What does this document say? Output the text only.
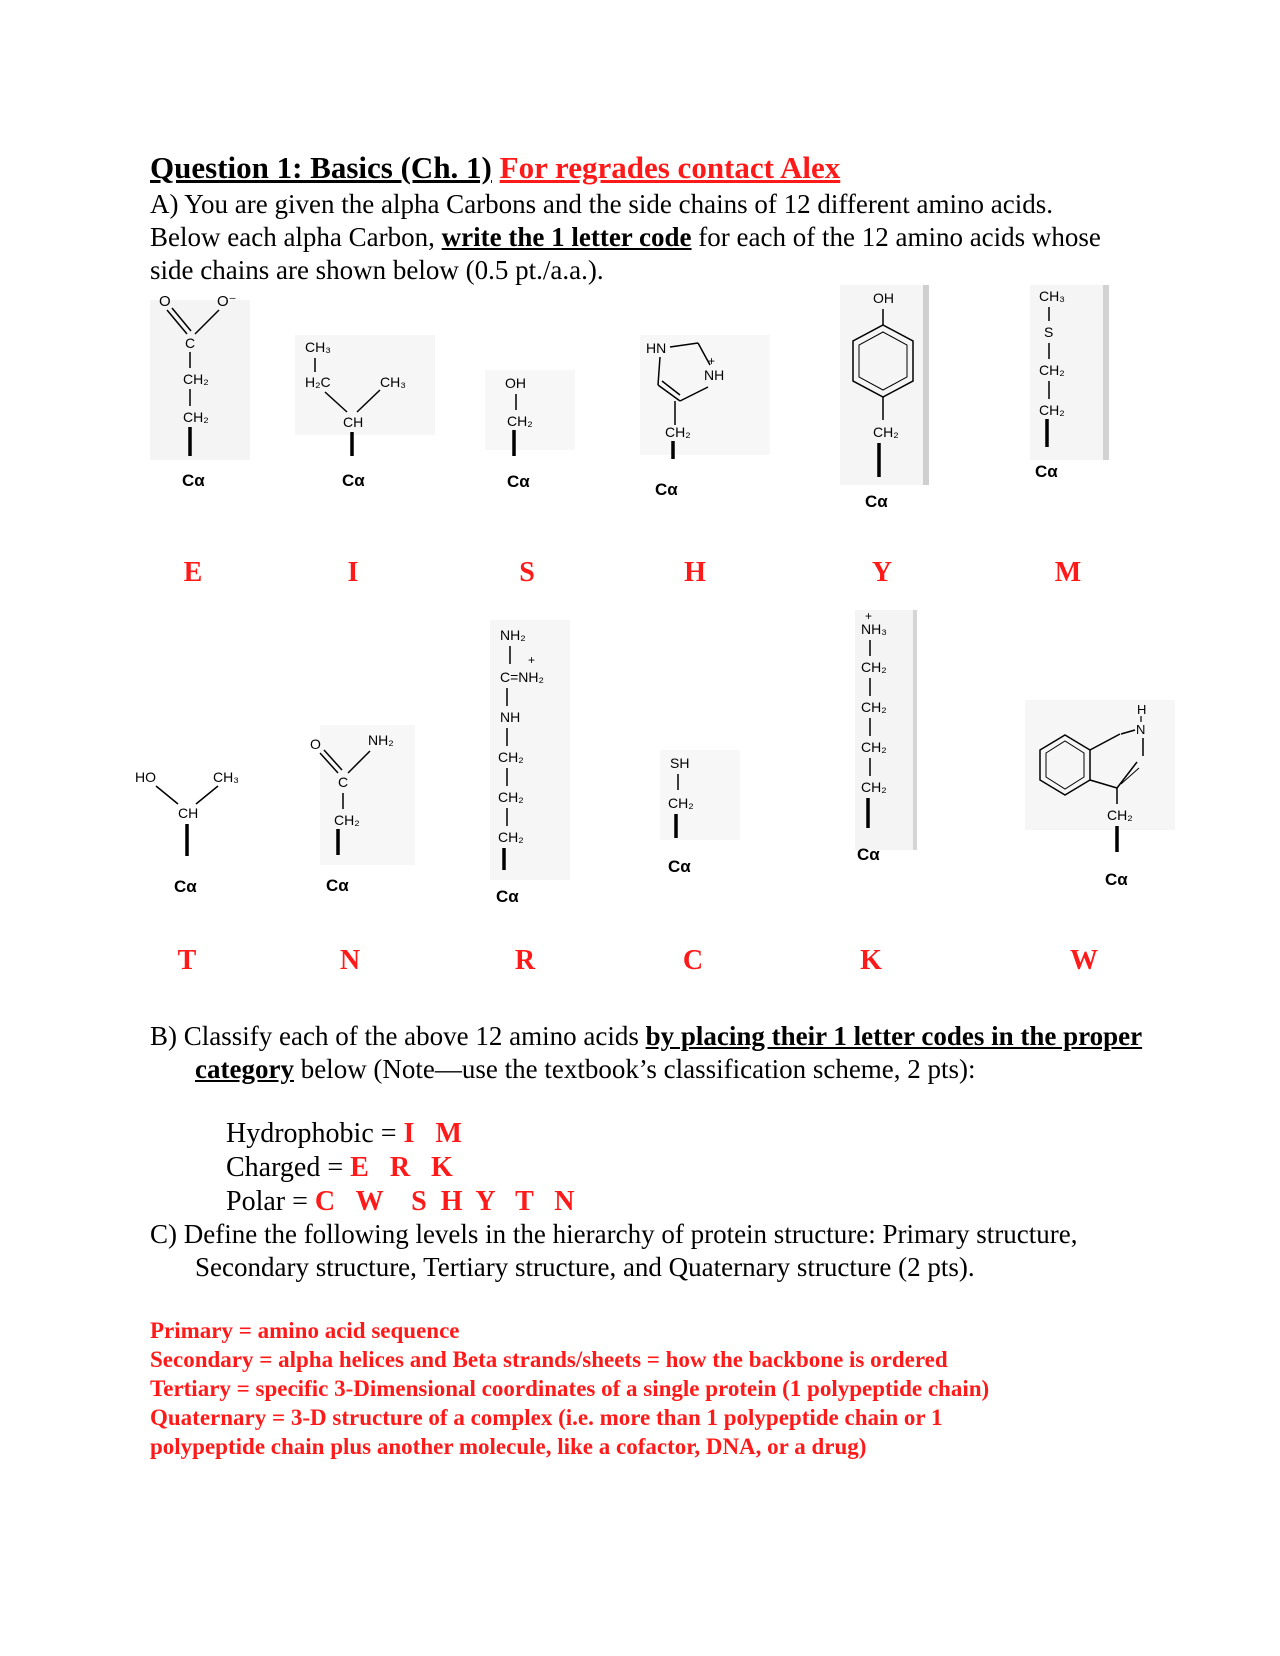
Question 1: Basics (Ch. 1) For regrades contact Alex
A) You are given the alpha Carbons and the side chains of 12 different amino acids. Below each alpha Carbon, write the 1 letter code for each of the 12 amino acids whose side chains are shown below (0.5 pt./a.a.).
O	O⁻
C
CH₂
CH₂
Cα
CH₃
H₂C	CH₃
CH
Cα
OH
CH₂
Cα
HN
+
NH
CH₂
Cα
OH
CH₂
Cα
CH₃
S
CH₂
CH₂
Cα
E	I	S	H	Y	M
HO	CH₃
CH
Cα
O	NH₂
C
CH₂
Cα
NH₂
+
C=NH₂
NH
CH₂
CH₂
CH₂
Cα
SH
CH₂
Cα
+
NH₃
CH₂
CH₂
CH₂
CH₂
Cα
H
N
CH₂
Cα
T	N	R	C	K	W
B) Classify each of the above 12 amino acids by placing their 1 letter codes in the proper category below (Note—use the textbook’s classification scheme, 2 pts):
Hydrophobic = I   M
Charged = E   R   K
Polar = C   W    S  H  Y   T   N
C) Define the following levels in the hierarchy of protein structure: Primary structure, Secondary structure, Tertiary structure, and Quaternary structure (2 pts).
Primary = amino acid sequence
Secondary = alpha helices and Beta strands/sheets = how the backbone is ordered
Tertiary = specific 3-Dimensional coordinates of a single protein (1 polypeptide chain)
Quaternary = 3-D structure of a complex (i.e. more than 1 polypeptide chain or 1
polypeptide chain plus another molecule, like a cofactor, DNA, or a drug)
